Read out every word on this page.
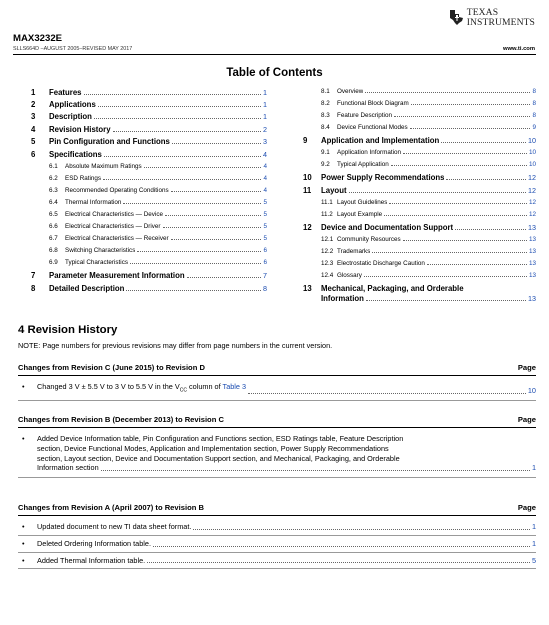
TEXAS
INSTRUMENTS
MAX3232E
SLLS664D –AUGUST 2005–REVISED MAY 2017	www.ti.com
Table of Contents
1	Features	1
2	Applications	1
3	Description	1
4	Revision History	2
5	Pin Configuration and Functions	3
6	Specifications	4
6.1	Absolute Maximum Ratings	4
6.2	ESD Ratings	4
6.3	Recommended Operating Conditions	4
6.4	Thermal Information	5
6.5	Electrical Characteristics — Device	5
6.6	Electrical Characteristics — Driver	5
6.7	Electrical Characteristics — Receiver	5
6.8	Switching Characteristics	6
6.9	Typical Characteristics	6
7	Parameter Measurement Information	7
8	Detailed Description	8
8.1	Overview	8
8.2	Functional Block Diagram	8
8.3	Feature Description	8
8.4	Device Functional Modes	9
9	Application and Implementation	10
9.1	Application Information	10
9.2	Typical Application	10
10	Power Supply Recommendations	12
11	Layout	12
11.1 Layout Guidelines	12
11.2 Layout Example	12
12	Device and Documentation Support	13
12.1 Community Resources	13
12.2 Trademarks	13
12.3 Electrostatic Discharge Caution	13
12.4 Glossary	13
13	Mechanical, Packaging, and Orderable
Information	13
4 Revision History
NOTE: Page numbers for previous revisions may differ from page numbers in the current version.
Changes from Revision C (June 2015) to Revision D	Page
•	Changed 3 V ± 5.5 V to 3 V to 5.5 V in the $V_{CC}$ column of Table 3	10
Changes from Revision B (December 2013) to Revision C	Page
•	Added Device Information table, Pin Configuration and Functions section, ESD Ratings table, Feature Description
section, Device Functional Modes, Application and Implementation section, Power Supply Recommendations
section, Layout section, Device and Documentation Support section, and Mechanical, Packaging, and Orderable
Information section	1
Changes from Revision A (April 2007) to Revision B	Page
•	Updated document to new TI data sheet format.	1
•	Deleted Ordering Information table.	1
•	Added Thermal Information table.	5
